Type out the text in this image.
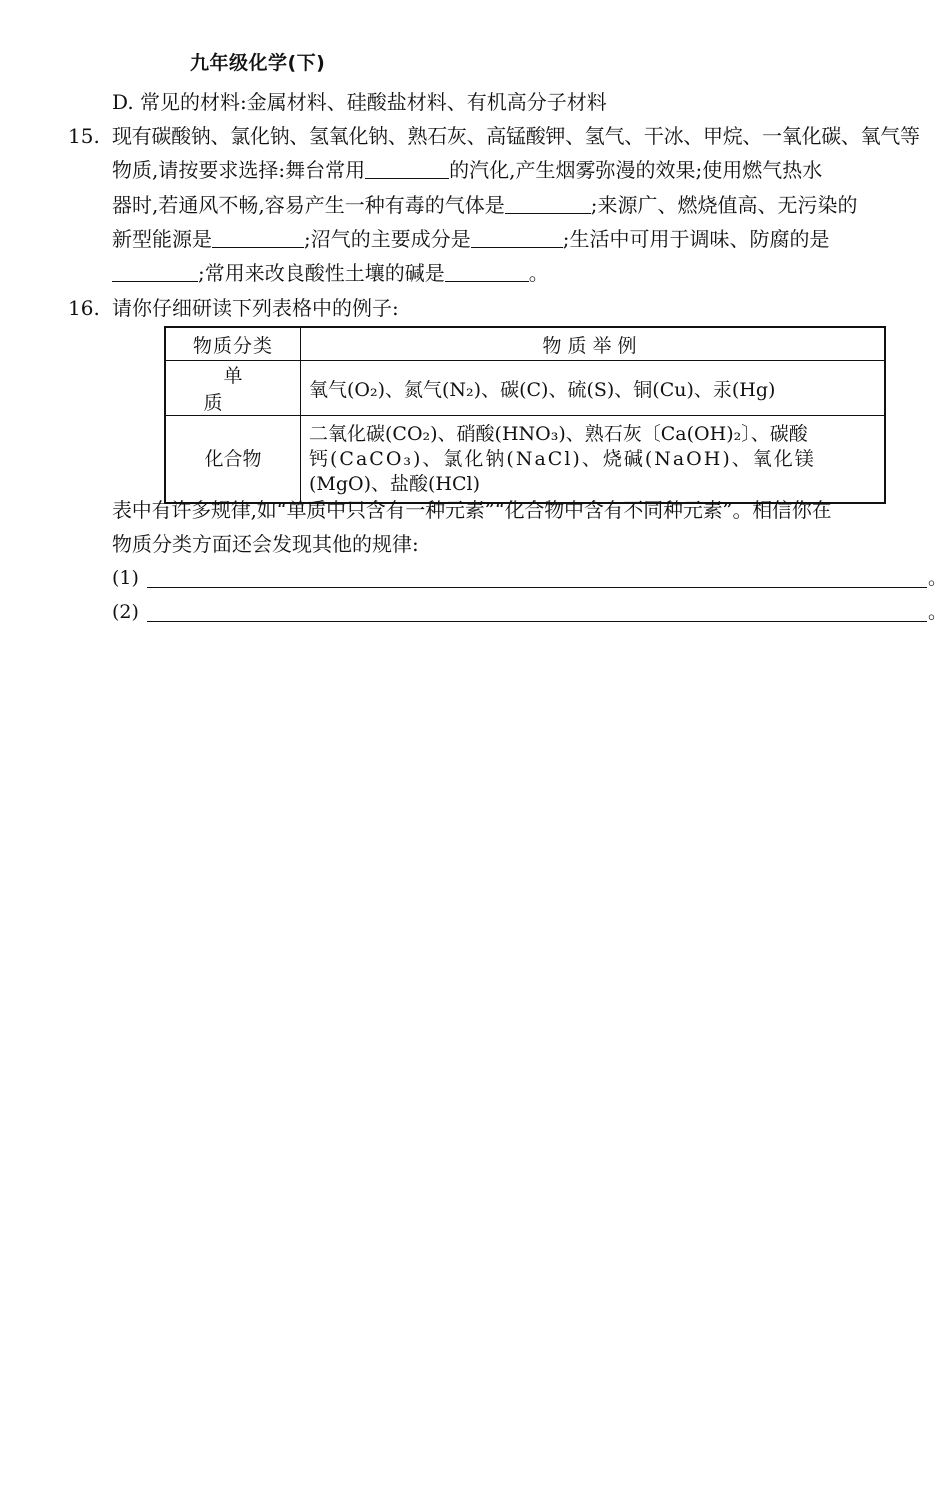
九年级化学(下)
D. 常见的材料:金属材料、硅酸盐材料、有机高分子材料
15. 现有碳酸钠、氯化钠、氢氧化钠、熟石灰、高锰酸钾、氢气、干冰、甲烷、一氧化碳、氧气等
物质,请按要求选择:舞台常用	的汽化,产生烟雾弥漫的效果;使用燃气热水
器时,若通风不畅,容易产生一种有毒的气体是	;来源广、燃烧值高、无污染的
新型能源是	;沼气的主要成分是	;生活中可用于调味、防腐的是
;常用来改良酸性土壤的碱是	。
16. 请你仔细研读下列表格中的例子:
物质分类	物质举例
单质	氧气(O₂)、氮气(N₂)、碳(C)、硫(S)、铜(Cu)、汞(Hg)
化合物	二氧化碳(CO₂)、硝酸(HNO₃)、熟石灰〔Ca(OH)₂〕、碳酸
钙(CaCO₃)、氯化钠(NaCl)、烧碱(NaOH)、氧化镁
(MgO)、盐酸(HCl)
表中有许多规律,如“单质中只含有一种元素”“化合物中含有不同种元素”。相信你在
物质分类方面还会发现其他的规律:
(1)	。
(2)	。
